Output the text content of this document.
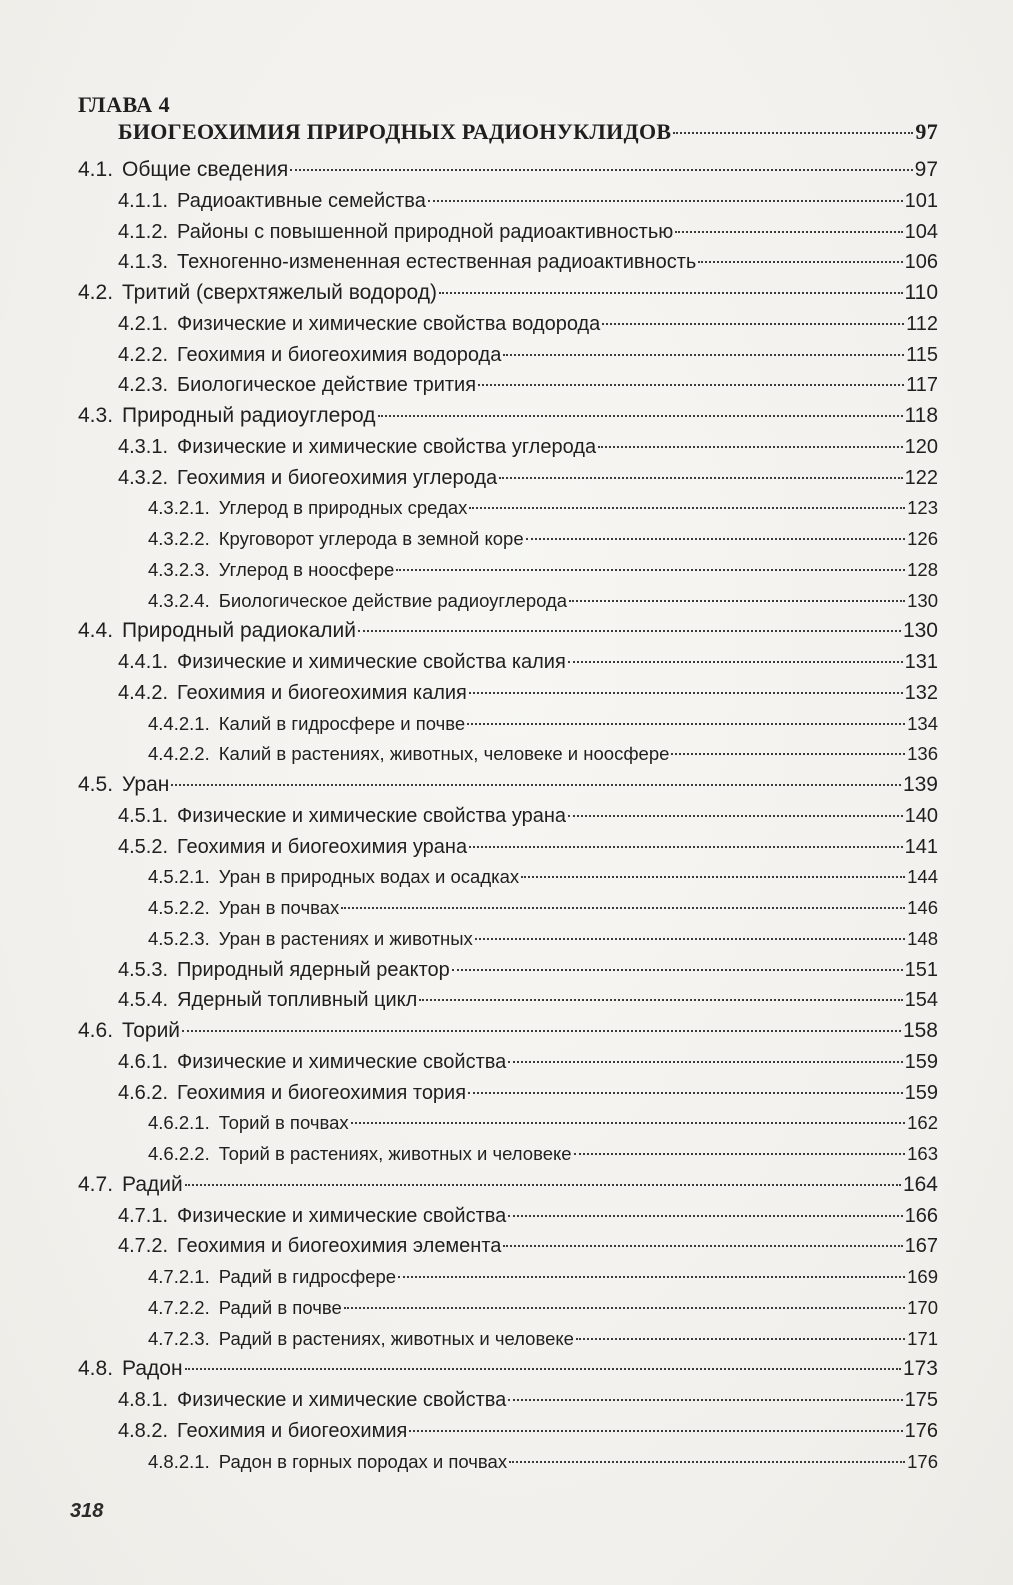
ГЛАВА 4
БИОГЕОХИМИЯ ПРИРОДНЫХ РАДИОНУКЛИДОВ	97
4.1. Общие сведения	97
4.1.1. Радиоактивные семейства	101
4.1.2. Районы с повышенной природной радиоактивностью	104
4.1.3. Техногенно-измененная естественная радиоактивность	106
4.2. Тритий (сверхтяжелый водород)	110
4.2.1. Физические и химические свойства водорода	112
4.2.2. Геохимия и биогеохимия водорода	115
4.2.3. Биологическое действие трития	117
4.3. Природный радиоуглерод	118
4.3.1. Физические и химические свойства углерода	120
4.3.2. Геохимия и биогеохимия углерода	122
4.3.2.1. Углерод в природных средах	123
4.3.2.2. Круговорот углерода в земной коре	126
4.3.2.3. Углерод в ноосфере	128
4.3.2.4. Биологическое действие радиоуглерода	130
4.4. Природный радиокалий	130
4.4.1. Физические и химические свойства калия	131
4.4.2. Геохимия и биогеохимия калия	132
4.4.2.1. Калий в гидросфере и почве	134
4.4.2.2. Калий в растениях, животных, человеке и ноосфере	136
4.5. Уран	139
4.5.1. Физические и химические свойства урана	140
4.5.2. Геохимия и биогеохимия урана	141
4.5.2.1. Уран в природных водах и осадках	144
4.5.2.2. Уран в почвах	146
4.5.2.3. Уран в растениях и животных	148
4.5.3. Природный ядерный реактор	151
4.5.4. Ядерный топливный цикл	154
4.6. Торий	158
4.6.1. Физические и химические свойства	159
4.6.2. Геохимия и биогеохимия тория	159
4.6.2.1. Торий в почвах	162
4.6.2.2. Торий в растениях, животных и человеке	163
4.7. Радий	164
4.7.1. Физические и химические свойства	166
4.7.2. Геохимия и биогеохимия элемента	167
4.7.2.1. Радий в гидросфере	169
4.7.2.2. Радий в почве	170
4.7.2.3. Радий в растениях, животных и человеке	171
4.8. Радон	173
4.8.1. Физические и химические свойства	175
4.8.2. Геохимия и биогеохимия	176
4.8.2.1. Радон в горных породах и почвах	176
318
